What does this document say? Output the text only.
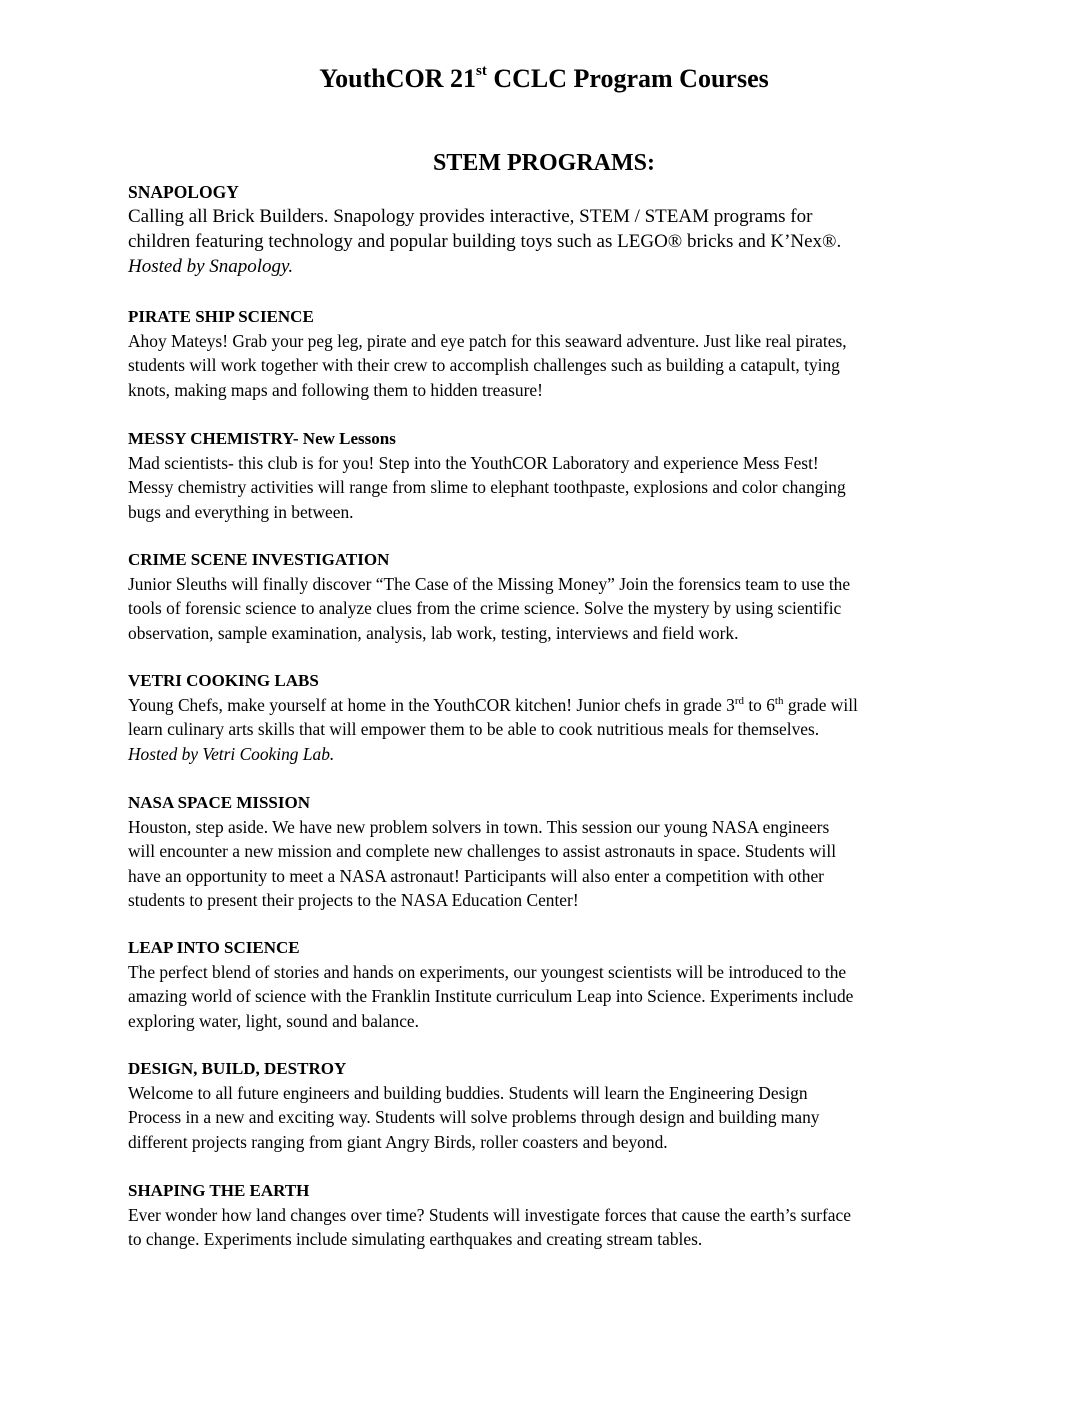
YouthCOR 21st CCLC Program Courses
STEM PROGRAMS:
SNAPOLOGY
Calling all Brick Builders. Snapology provides interactive, STEM / STEAM programs for
children featuring technology and popular building toys such as LEGO® bricks and K’Nex®.
Hosted by Snapology.
PIRATE SHIP SCIENCE
Ahoy Mateys! Grab your peg leg, pirate and eye patch for this seaward adventure. Just like real pirates,
students will work together with their crew to accomplish challenges such as building a catapult, tying
knots, making maps and following them to hidden treasure!
MESSY CHEMISTRY- New Lessons
Mad scientists- this club is for you! Step into the YouthCOR Laboratory and experience Mess Fest!
Messy chemistry activities will range from slime to elephant toothpaste, explosions and color changing
bugs and everything in between.
CRIME SCENE INVESTIGATION
Junior Sleuths will finally discover “The Case of the Missing Money” Join the forensics team to use the
tools of forensic science to analyze clues from the crime science. Solve the mystery by using scientific
observation, sample examination, analysis, lab work, testing, interviews and field work.
VETRI COOKING LABS
Young Chefs, make yourself at home in the YouthCOR kitchen! Junior chefs in grade 3rd to 6th grade will
learn culinary arts skills that will empower them to be able to cook nutritious meals for themselves.
Hosted by Vetri Cooking Lab.
NASA SPACE MISSION
Houston, step aside. We have new problem solvers in town. This session our young NASA engineers
will encounter a new mission and complete new challenges to assist astronauts in space. Students will
have an opportunity to meet a NASA astronaut! Participants will also enter a competition with other
students to present their projects to the NASA Education Center!
LEAP INTO SCIENCE
The perfect blend of stories and hands on experiments, our youngest scientists will be introduced to the
amazing world of science with the Franklin Institute curriculum Leap into Science. Experiments include
exploring water, light, sound and balance.
DESIGN, BUILD, DESTROY
Welcome to all future engineers and building buddies. Students will learn the Engineering Design
Process in a new and exciting way. Students will solve problems through design and building many
different projects ranging from giant Angry Birds, roller coasters and beyond.
SHAPING THE EARTH
Ever wonder how land changes over time? Students will investigate forces that cause the earth’s surface
to change. Experiments include simulating earthquakes and creating stream tables.
